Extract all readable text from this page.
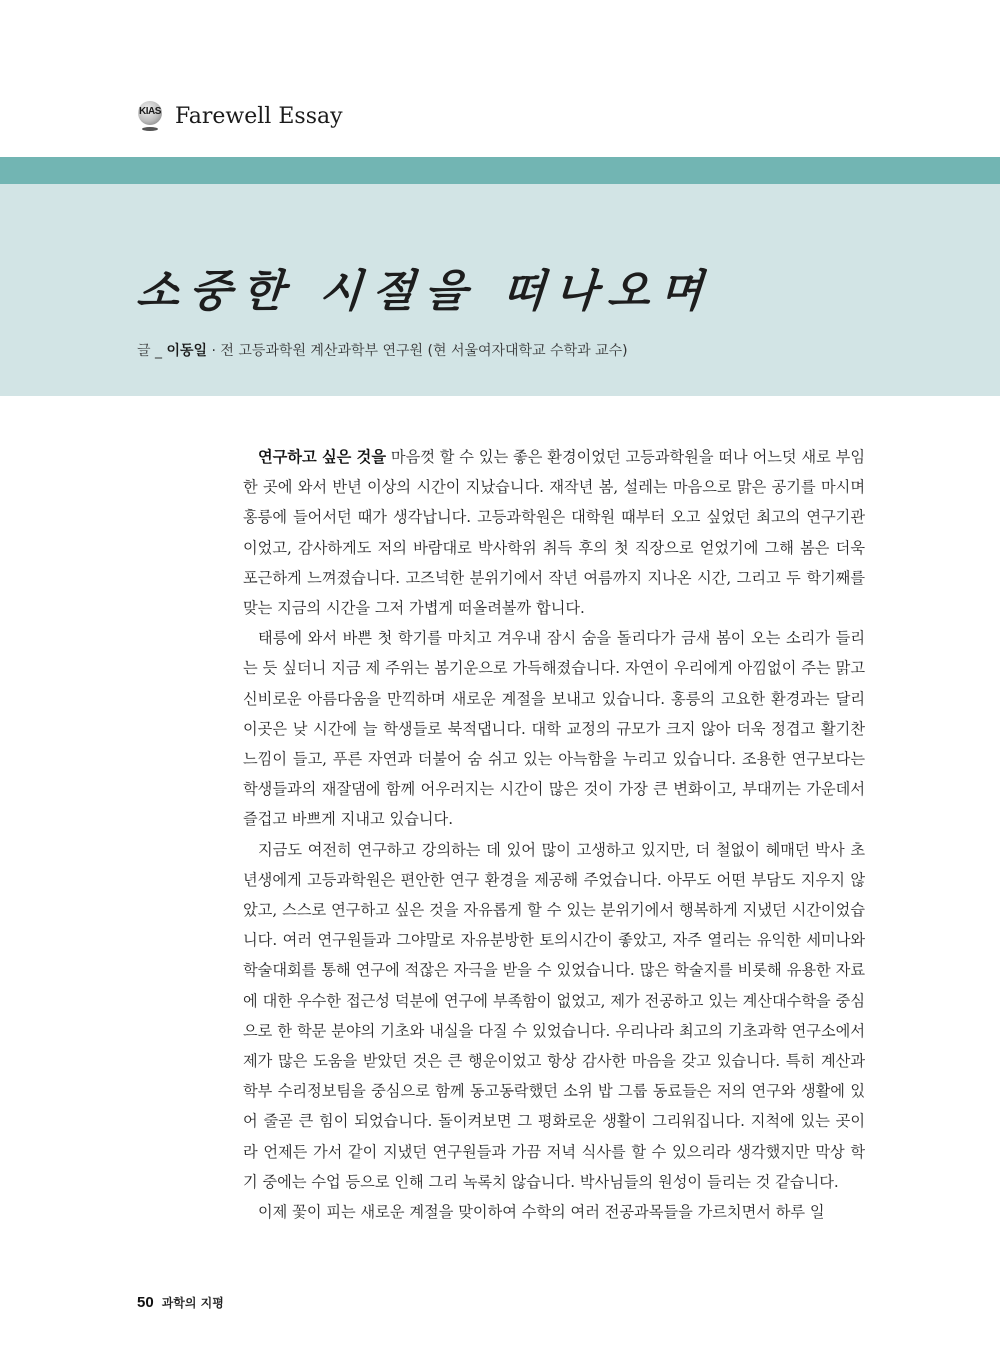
KIAS Farewell Essay
소중한 시절을 떠나오며
글 _ 이동일 · 전 고등과학원 계산과학부 연구원 (현 서울여자대학교 수학과 교수)

연구하고 싶은 것을 마음껏 할 수 있는 좋은 환경이었던 고등과학원을 떠나 어느덧 새로 부임한 곳에 와서 반년 이상의 시간이 지났습니다. 재작년 봄, 설레는 마음으로 맑은 공기를 마시며 홍릉에 들어서던 때가 생각납니다. 고등과학원은 대학원 때부터 오고 싶었던 최고의 연구기관이었고, 감사하게도 저의 바람대로 박사학위 취득 후의 첫 직장으로 얻었기에 그해 봄은 더욱 포근하게 느껴졌습니다. 고즈넉한 분위기에서 작년 여름까지 지나온 시간, 그리고 두 학기째를 맞는 지금의 시간을 그저 가볍게 떠올려볼까 합니다.

태릉에 와서 바쁜 첫 학기를 마치고 겨우내 잠시 숨을 돌리다가 금새 봄이 오는 소리가 들리는 듯 싶더니 지금 제 주위는 봄기운으로 가득해졌습니다. 자연이 우리에게 아낌없이 주는 맑고 신비로운 아름다움을 만끽하며 새로운 계절을 보내고 있습니다. 홍릉의 고요한 환경과는 달리 이곳은 낮 시간에 늘 학생들로 북적댑니다. 대학 교정의 규모가 크지 않아 더욱 정겹고 활기찬 느낌이 들고, 푸른 자연과 더불어 숨 쉬고 있는 아늑함을 누리고 있습니다. 조용한 연구보다는 학생들과의 재잘댐에 함께 어우러지는 시간이 많은 것이 가장 큰 변화이고, 부대끼는 가운데서 즐겁고 바쁘게 지내고 있습니다.

지금도 여전히 연구하고 강의하는 데 있어 많이 고생하고 있지만, 더 철없이 헤매던 박사 초년생에게 고등과학원은 편안한 연구 환경을 제공해 주었습니다. 아무도 어떤 부담도 지우지 않았고, 스스로 연구하고 싶은 것을 자유롭게 할 수 있는 분위기에서 행복하게 지냈던 시간이었습니다. 여러 연구원들과 그야말로 자유분방한 토의시간이 좋았고, 자주 열리는 유익한 세미나와 학술대회를 통해 연구에 적잖은 자극을 받을 수 있었습니다. 많은 학술지를 비롯해 유용한 자료에 대한 우수한 접근성 덕분에 연구에 부족함이 없었고, 제가 전공하고 있는 계산대수학을 중심으로 한 학문 분야의 기초와 내실을 다질 수 있었습니다. 우리나라 최고의 기초과학 연구소에서 제가 많은 도움을 받았던 것은 큰 행운이었고 항상 감사한 마음을 갖고 있습니다. 특히 계산과학부 수리정보팀을 중심으로 함께 동고동락했던 소위 밥 그룹 동료들은 저의 연구와 생활에 있어 줄곧 큰 힘이 되었습니다. 돌이켜보면 그 평화로운 생활이 그리워집니다. 지척에 있는 곳이라 언제든 가서 같이 지냈던 연구원들과 가끔 저녁 식사를 할 수 있으리라 생각했지만 막상 학기 중에는 수업 등으로 인해 그리 녹록치 않습니다. 박사님들의 원성이 들리는 것 같습니다.

이제 꽃이 피는 새로운 계절을 맞이하여 수학의 여러 전공과목들을 가르치면서 하루 일

50 과학의 지평
